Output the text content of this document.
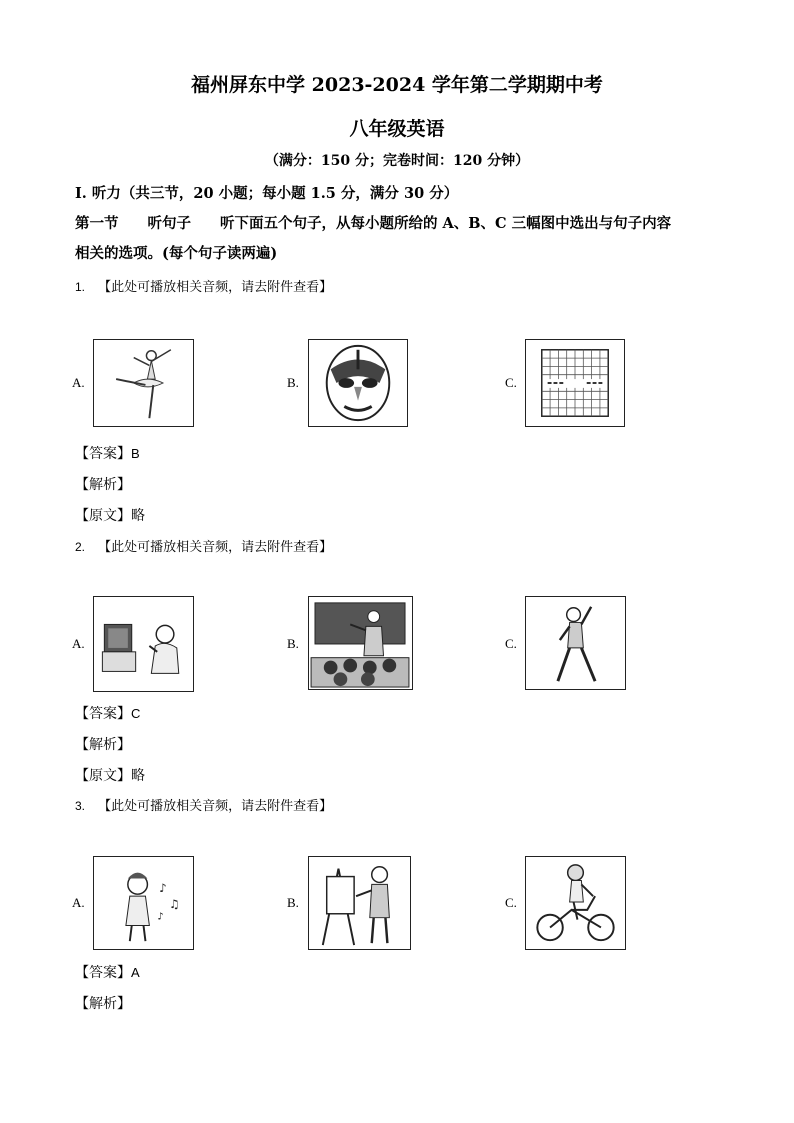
福州屏东中学 2023-2024 学年第二学期期中考
八年级英语
（满分：150 分；完卷时间：120 分钟）
Ⅰ. 听力（共三节，20 小题；每小题 1.5 分，满分 30 分）
第一节　　听句子　　听下面五个句子，从每小题所给的 A、B、C 三幅图中选出与句子内容
相关的选项。(每个句子读两遍)
1. 【此处可播放相关音频，请去附件查看】
A.	B.	C.
【答案】B
【解析】
【原文】略
2. 【此处可播放相关音频，请去附件查看】
A.	B.	C.
【答案】C
【解析】
【原文】略
3. 【此处可播放相关音频，请去附件查看】
A.
♪
♫
♪
B.	C.
【答案】A
【解析】
